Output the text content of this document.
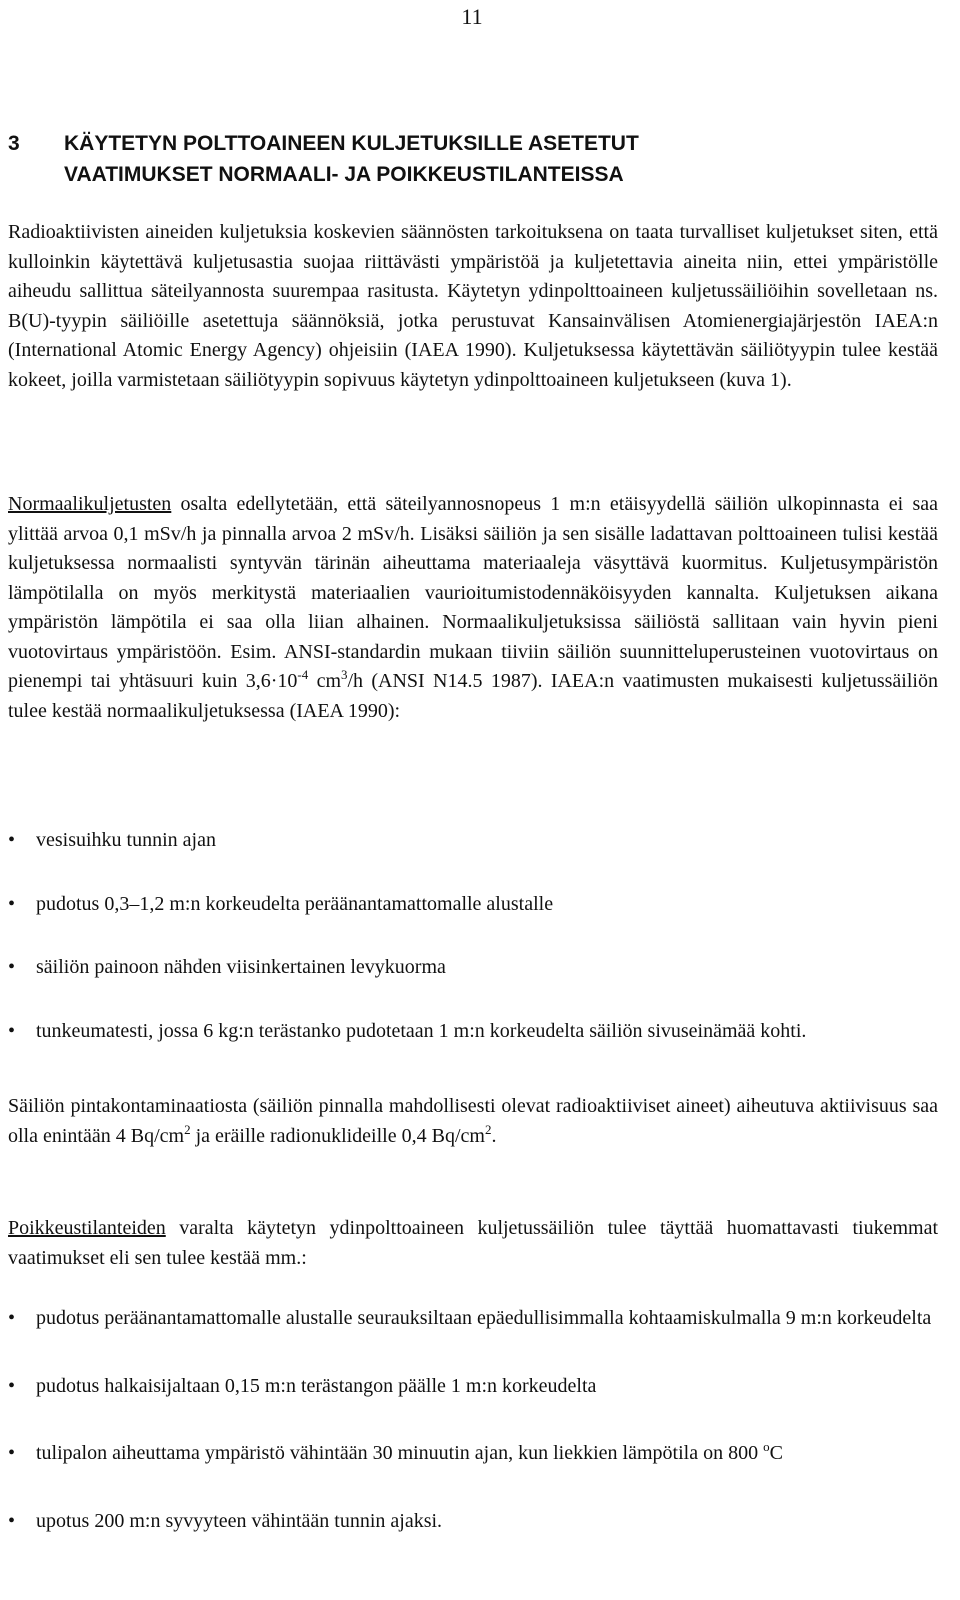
11
3 KÄYTETYN POLTTOAINEEN KULJETUKSILLE ASETETUT
VAATIMUKSET NORMAALI- JA POIKKEUSTILANTEISSA
Radioaktiivisten aineiden kuljetuksia koskevien säännösten tarkoituksena on taata turvalliset kuljetukset siten, että kulloinkin käytettävä kuljetusastia suojaa riittävästi ympäristöä ja kuljetettavia aineita niin, ettei ympäristölle aiheudu sallittua säteilyannosta suurempaa rasitusta. Käytetyn ydinpolttoaineen kuljetussäiliöihin sovelletaan ns. B(U)-tyypin säiliöille asetettuja säännöksiä, jotka perustuvat Kansainvälisen Atomienergiajärjestön IAEA:n (International Atomic Energy Agency) ohjeisiin (IAEA 1990). Kuljetuksessa käytettävän säiliötyypin tulee kestää kokeet, joilla varmistetaan säiliötyypin sopivuus käytetyn ydinpolttoaineen kuljetukseen (kuva 1).
Normaalikuljetusten osalta edellytetään, että säteilyannosnopeus 1 m:n etäisyydellä säiliön ulkopinnasta ei saa ylittää arvoa 0,1 mSv/h ja pinnalla arvoa 2 mSv/h. Lisäksi säiliön ja sen sisälle ladattavan polttoaineen tulisi kestää kuljetuksessa normaalisti syntyvän tärinän aiheuttama materiaaleja väsyttävä kuormitus. Kuljetusympäristön lämpötilalla on myös merkitystä materiaalien vaurioitumistodennäköisyyden kannalta. Kuljetuksen aikana ympäristön lämpötila ei saa olla liian alhainen. Normaalikuljetuksissa säiliöstä sallitaan vain hyvin pieni vuotovirtaus ympäristöön. Esim. ANSI-standardin mukaan tiiviin säiliön suunnitteluperusteinen vuotovirtaus on pienempi tai yhtäsuuri kuin $3,6\cdot 10^{-4}$ $cm^3/h$ (ANSI N14.5 1987). IAEA:n vaatimusten mukaisesti kuljetussäiliön tulee kestää normaalikuljetuksessa (IAEA 1990):
• vesisuihku tunnin ajan
• pudotus 0,3–1,2 m:n korkeudelta peräänantamattomalle alustalle
• säiliön painoon nähden viisinkertainen levykuorma
• tunkeumatesti, jossa 6 kg:n terästanko pudotetaan 1 m:n korkeudelta säiliön sivuseinämää kohti.
Säiliön pintakontaminaatiosta (säiliön pinnalla mahdollisesti olevat radioaktiiviset aineet) aiheutuva aktiivisuus saa olla enintään 4 $Bq/cm^2$ ja eräille radionuklideille 0,4 $Bq/cm^2$.
Poikkeustilanteiden varalta käytetyn ydinpolttoaineen kuljetussäiliön tulee täyttää huomattavasti tiukemmat vaatimukset eli sen tulee kestää mm.:
• pudotus peräänantamattomalle alustalle seurauksiltaan epäedullisimmalla kohtaamiskulmalla 9 m:n korkeudelta
• pudotus halkaisijaltaan 0,15 m:n terästangon päälle 1 m:n korkeudelta
• tulipalon aiheuttama ympäristö vähintään 30 minuutin ajan, kun liekkien lämpötila on 800 $^o$C
• upotus 200 m:n syvyyteen vähintään tunnin ajaksi.
